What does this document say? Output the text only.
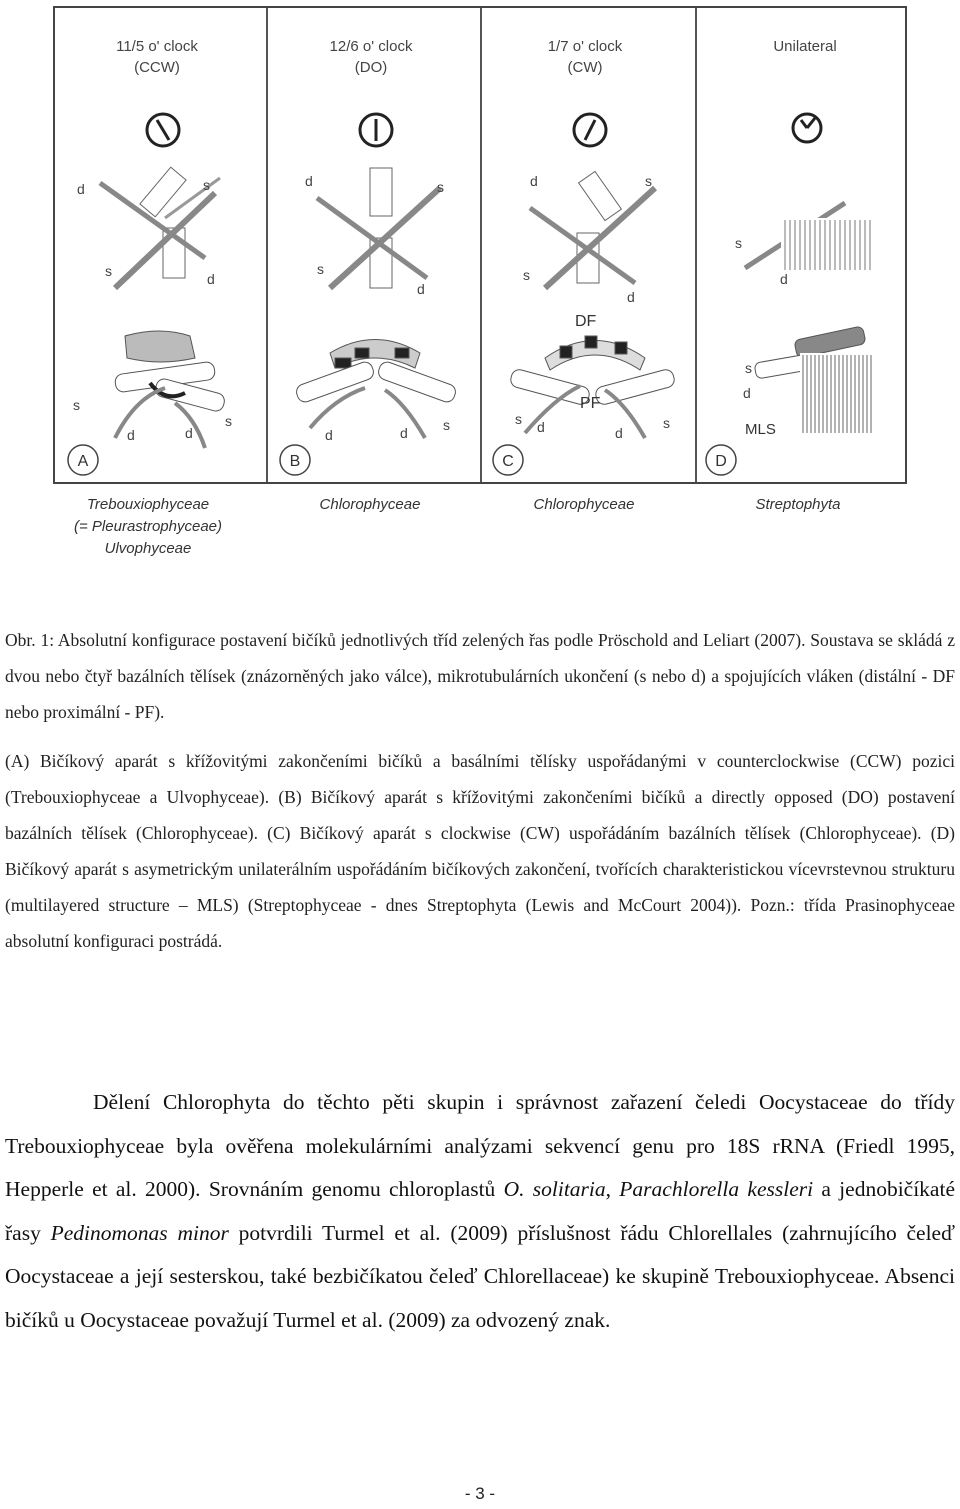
11/5 o' clock
(CCW)
12/6 o' clock
(DO)
1/7 o' clock
(CW)
Unilateral
d	s
s	d
d	s
s
d
d	s
s
d
s
d
s
d	d
s
d	d	s
DF
PF
s d	d
s
s
d
MLS
A	B	C	D
Trebouxiophyceae
(= Pleurastrophyceae)
Ulvophyceae
Chlorophyceae	Chlorophyceae	Streptophyta

Obr. 1: Absolutní konfigurace postavení bičíků jednotlivých tříd zelených řas podle Pröschold and Leliart (2007). Soustava se skládá z dvou nebo čtyř bazálních tělísek (znázorněných jako válce), mikrotubulárních ukončení (s nebo d) a spojujících vláken (distální - DF nebo proximální - PF).

(A) Bičíkový aparát s křížovitými zakončeními bičíků a basálními tělísky uspořádanými v counterclockwise (CCW) pozici (Trebouxiophyceae a Ulvophyceae). (B) Bičíkový aparát s křížovitými zakončeními bičíků a directly opposed (DO) postavení bazálních tělísek (Chlorophyceae). (C) Bičíkový aparát s clockwise (CW) uspořádáním bazálních tělísek (Chlorophyceae). (D) Bičíkový aparát s asymetrickým unilaterálním uspořádáním bičíkových zakončení, tvořících charakteristickou vícevrstevnou strukturu (multilayered structure – MLS) (Streptophyceae - dnes Streptophyta (Lewis and McCourt 2004)). Pozn.: třída Prasinophyceae absolutní konfiguraci postrádá.

Dělení Chlorophyta do těchto pěti skupin i správnost zařazení čeledi Oocystaceae do třídy Trebouxiophyceae byla ověřena molekulárními analýzami sekvencí genu pro 18S rRNA (Friedl 1995, Hepperle et al. 2000). Srovnáním genomu chloroplastů O. solitaria, Parachlorella kessleri a jednobičíkaté řasy Pedinomonas minor potvrdili Turmel et al. (2009) příslušnost řádu Chlorellales (zahrnujícího čeleď Oocystaceae a její sesterskou, také bezbičíkatou čeleď Chlorellaceae) ke skupině Trebouxiophyceae. Absenci bičíků u Oocystaceae považují Turmel et al. (2009) za odvozený znak.

- 3 -
